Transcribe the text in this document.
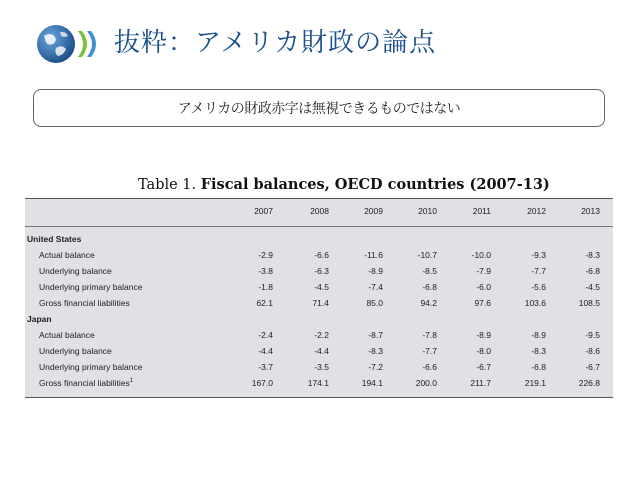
抜粋：アメリカ財政の論点
アメリカの財政赤字は無視できるものではない
Table 1. Fiscal balances, OECD countries (2007-13)
2007	2008	2009	2010	2011	2012	2013
United States
Actual balance	-2.9	-6.6	-11.6	-10.7	-10.0	-9.3	-8.3
Underlying balance	-3.8	-6.3	-8.9	-8.5	-7.9	-7.7	-6.8
Underlying primary balance	-1.8	-4.5	-7.4	-6.8	-6.0	-5.6	-4.5
Gross financial liabilities	62.1	71.4	85.0	94.2	97.6	103.6	108.5
Japan
Actual balance	-2.4	-2.2	-8.7	-7.8	-8.9	-8.9	-9.5
Underlying balance	-4.4	-4.4	-8.3	-7.7	-8.0	-8.3	-8.6
Underlying primary balance	-3.7	-3.5	-7.2	-6.6	-6.7	-6.8	-6.7
Gross financial liabilities$^1$	167.0	174.1	194.1	200.0	211.7	219.1	226.8
